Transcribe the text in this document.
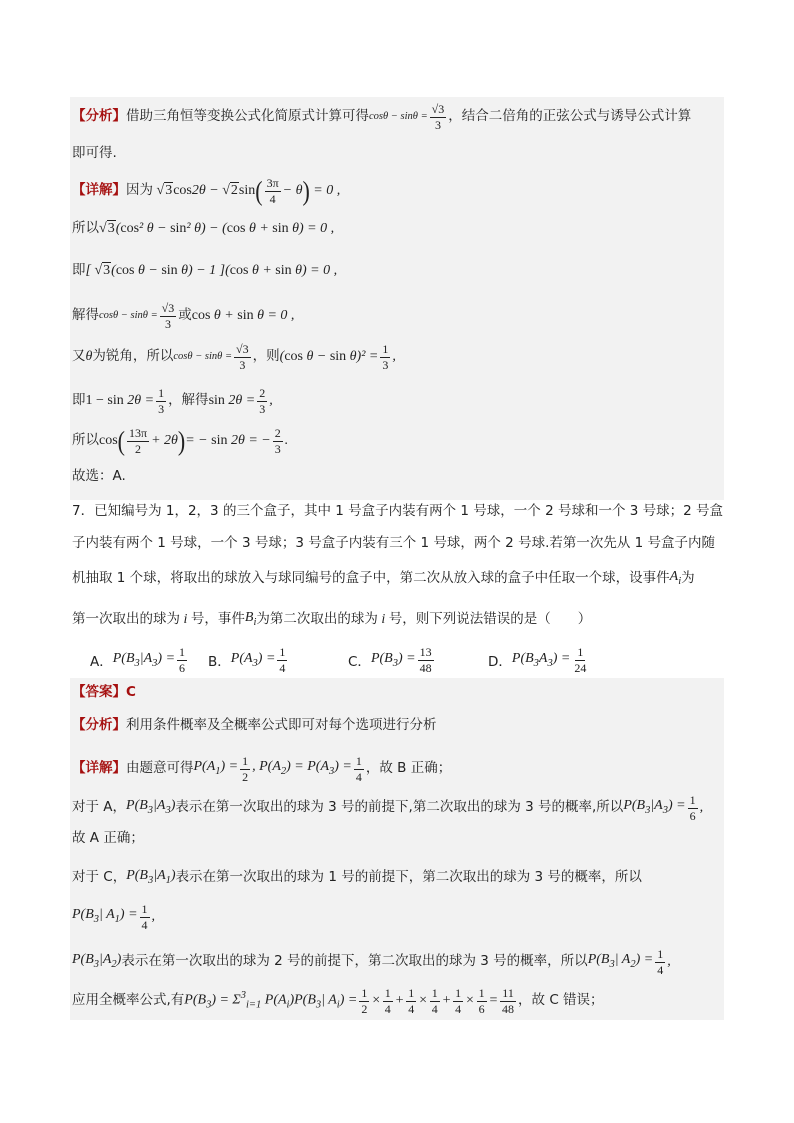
【分析】 借助三角恒等变换公式化简原式计算可得 $\cos\theta - \sin\theta = \frac{√3}{3}$ ，结合二倍角的正弦公式与诱导公式计算
即可得.
【详解】 因为 √3cos2θ − √2sin ( $\frac{3\pi}{4} - \theta$ ) = 0 ,
所以 √3(cos² θ − sin² θ) − (cos θ + sin θ) = 0 ,
即 [ √3(cos θ − sin θ) − 1 ](cos θ + sin θ) = 0 ,
解得 $\cos\theta - \sin\theta = \frac{√3}{3}$ 或 cos θ + sin θ = 0 ,
又 θ 为锐角，所以 $\cos\theta - \sin\theta = \frac{√3}{3}$ ，则 (cos $\theta - \sin \theta)^2 = \frac{1}{3}$ ,
即 $1 - \sin 2\theta = \frac{1}{3}$ ，解得 $\sin 2\theta = \frac{2}{3}$ ,
所以 cos ( $\frac{13\pi}{2} + 2\theta$ ) = − sin 2θ = − $\frac{2}{3}$ .
故选：A.
7．已知编号为 1，2，3 的三个盒子，其中 1 号盒子内装有两个 1 号球，一个 2 号球和一个 3 号球；2 号盒
子内装有两个 1 号球，一个 3 号球；3 号盒子内装有三个 1 号球，两个 2 号球.若第一次先从 1 号盒子内随
机抽取 1 个球，将取出的球放入与球同编号的盒子中，第二次从放入球的盒子中任取一个球，设事件 $A_i$ 为
第一次取出的球为 i 号，事件 $B_i$ 为第二次取出的球为 i 号，则下列说法错误的是（　　）
A． $P(B_3|A_3) = \frac{1}{6}$ B． $P(A_3) = \frac{1}{4}$	C． $P(B_3) = \frac{13}{48}$	D． $P(B_3A_3) = \frac{1}{24}$
【答案】 C
【分析】 利用条件概率及全概率公式即可对每个选项进行分析
【详解】 由题意可得 $P(A_1) = \frac{1}{2}$ , $P(A_2) = P(A_3) = \frac{1}{4}$ ，故 B 正确；
对于 A， $P(B_3|A_3)$ 表示在第一次取出的球为 3 号的前提下,第二次取出的球为 3 号的概率,所以 $P(B_3|A_3) = \frac{1}{6}$ ,
故 A 正确；
对于 C， $P(B_3|A_1)$ 表示在第一次取出的球为 1 号的前提下，第二次取出的球为 3 号的概率，所以
$P(B_3|$ $A_1) = \frac{1}{4}$ ,
$P(B_3|A_2)$ 表示在第一次取出的球为 2 号的前提下，第二次取出的球为 3 号的概率，所以 $P(B_3|$ $A_2) = \frac{1}{4}$ ,
应用全概率公式,有 $P(B_3) = \Sigma^3_{i=1}$ $P(A_i)P(B_3|$ $A_i) = \frac{1}{2} \times \frac{1}{4} + \frac{1}{4} \times \frac{1}{4} + \frac{1}{4} \times \frac{1}{6} = \frac{11}{48}$ ，故 C 错误；
